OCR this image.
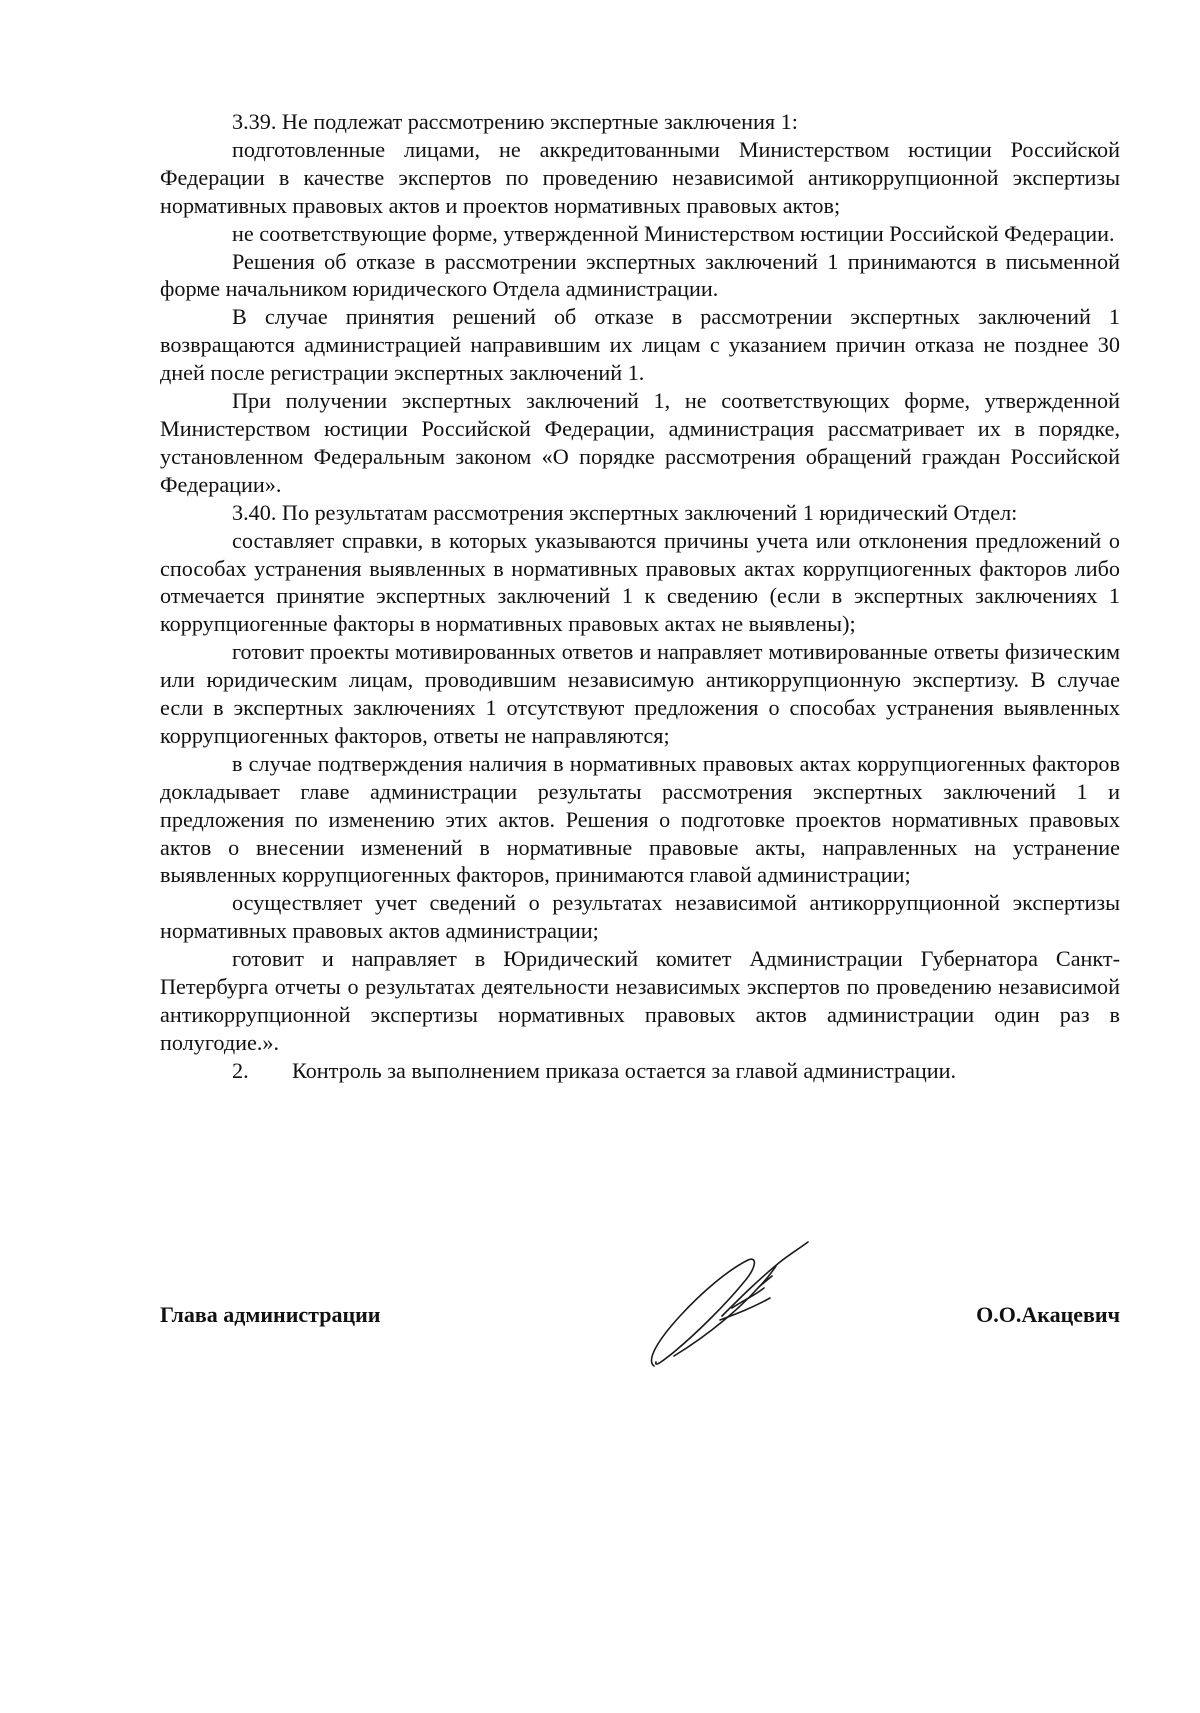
3.39. Не подлежат рассмотрению экспертные заключения 1:

подготовленные лицами, не аккредитованными Министерством юстиции Российской Федерации в качестве экспертов по проведению независимой антикоррупционной экспертизы нормативных правовых актов и проектов нормативных правовых актов;

не соответствующие форме, утвержденной Министерством юстиции Российской Федерации.

Решения об отказе в рассмотрении экспертных заключений 1 принимаются в письменной форме начальником юридического Отдела администрации.

В случае принятия решений об отказе в рассмотрении экспертных заключений 1 возвращаются администрацией направившим их лицам с указанием причин отказа не позднее 30 дней после регистрации экспертных заключений 1.

При получении экспертных заключений 1, не соответствующих форме, утвержденной Министерством юстиции Российской Федерации, администрация рассматривает их в порядке, установленном Федеральным законом «О порядке рассмотрения обращений граждан Российской Федерации».

3.40. По результатам рассмотрения экспертных заключений 1 юридический Отдел:

составляет справки, в которых указываются причины учета или отклонения предложений о способах устранения выявленных в нормативных правовых актах коррупциогенных факторов либо отмечается принятие экспертных заключений 1 к сведению (если в экспертных заключениях 1 коррупциогенные факторы в нормативных правовых актах не выявлены);

готовит проекты мотивированных ответов и направляет мотивированные ответы физическим или юридическим лицам, проводившим независимую антикоррупционную экспертизу. В случае если в экспертных заключениях 1 отсутствуют предложения о способах устранения выявленных коррупциогенных факторов, ответы не направляются;

в случае подтверждения наличия в нормативных правовых актах коррупциогенных факторов докладывает главе администрации результаты рассмотрения экспертных заключений 1 и предложения по изменению этих актов. Решения о подготовке проектов нормативных правовых актов о внесении изменений в нормативные правовые акты, направленных на устранение выявленных коррупциогенных факторов, принимаются главой администрации;

осуществляет учет сведений о результатах независимой антикоррупционной экспертизы нормативных правовых актов администрации;

готовит и направляет в Юридический комитет Администрации Губернатора Санкт-Петербурга отчеты о результатах деятельности независимых экспертов по проведению независимой антикоррупционной экспертизы нормативных правовых актов администрации один раз в полугодие.».

2. Контроль за выполнением приказа остается за главой администрации.

Глава администрации	О.О.Акацевич
